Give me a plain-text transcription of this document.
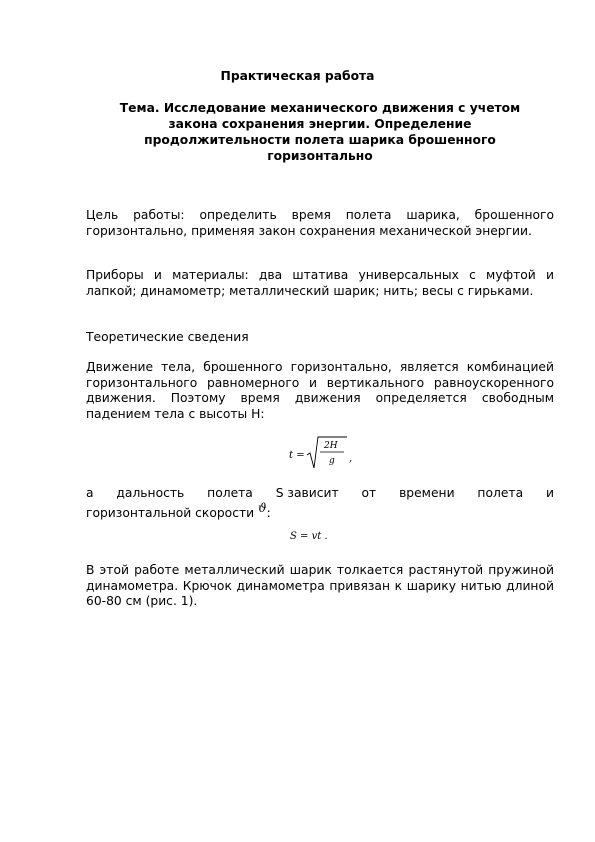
Практическая работа
Тема. Исследование механического движения с учетом закона сохранения энергии. Определение продолжительности полета шарика брошенного горизонтально

Цель работы: определить время полета шарика, брошенного горизонтально, применяя закон сохранения механической энергии.

Приборы и материалы: два штатива универсальных с муфтой и лапкой; динамометр; металлический шарик; нить; весы с гирьками.

Теоретические сведения

Движение тела, брошенного горизонтально, является комбинацией горизонтального равномерного и вертикального равноускоренного движения. Поэтому время движения определяется свободным падением тела с высоты H:

t =
2H
g ,
а дальность полета S зависит от времени полета и
горизонтальной скорости ϑ:
S = vt .

В этой работе металлический шарик толкается растянутой пружиной динамометра. Крючок динамометра привязан к шарику нитью длиной 60-80 см (рис. 1).
